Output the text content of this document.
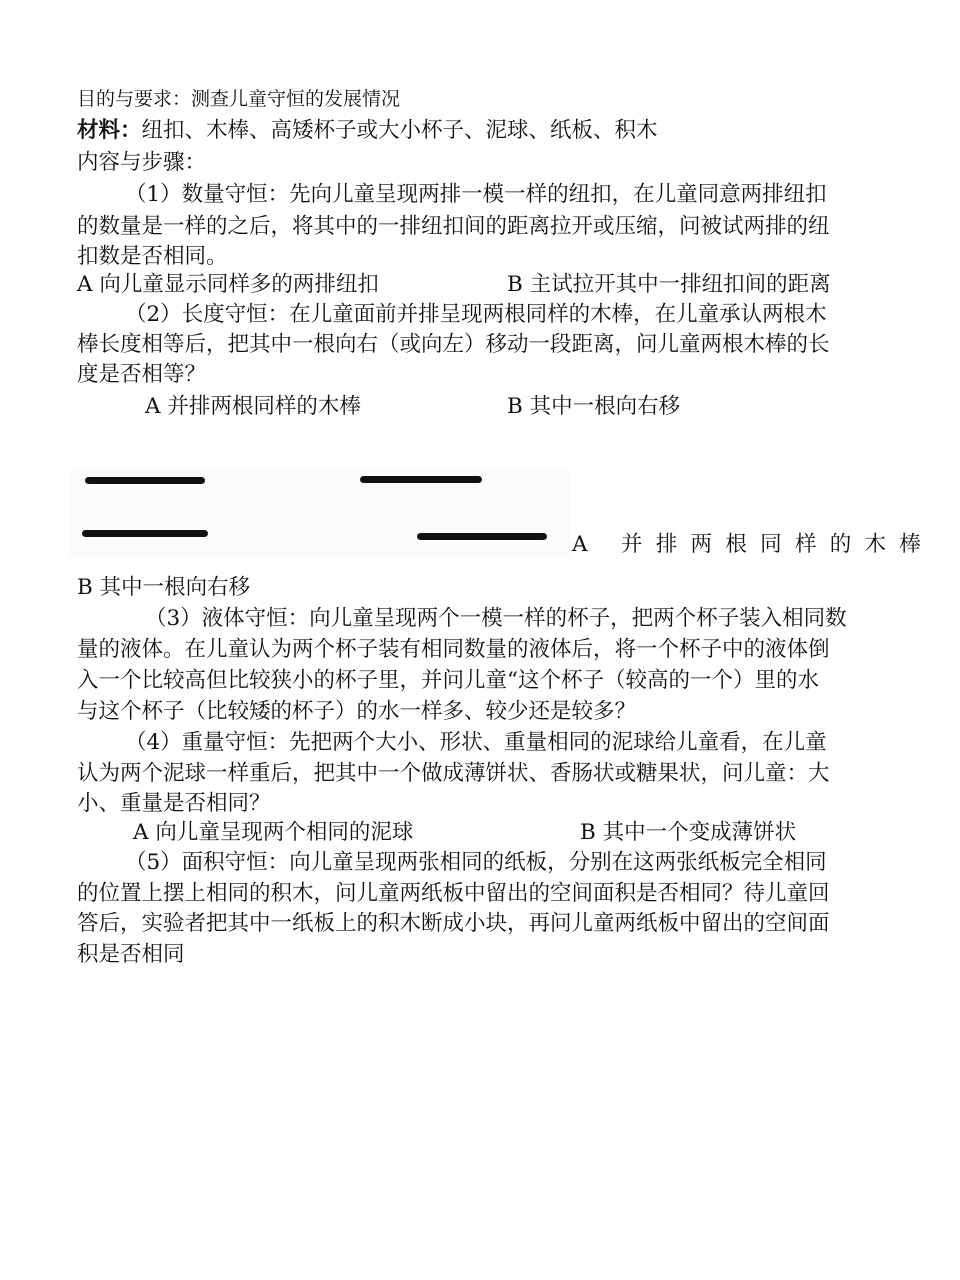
目的与要求：测查儿童守恒的发展情况
材料：纽扣、木棒、高矮杯子或大小杯子、泥球、纸板、积木
内容与步骤：
（1）数量守恒：先向儿童呈现两排一模一样的纽扣，在儿童同意两排纽扣
的数量是一样的之后，将其中的一排纽扣间的距离拉开或压缩，问被试两排的纽
扣数是否相同。
A 向儿童显示同样多的两排纽扣	B 主试拉开其中一排纽扣间的距离
（2）长度守恒：在儿童面前并排呈现两根同样的木棒，在儿童承认两根木
棒长度相等后，把其中一根向右（或向左）移动一段距离，问儿童两根木棒的长
度是否相等？
A 并排两根同样的木棒	B 其中一根向右移
A 并排两根同样的木棒
B 其中一根向右移
（3）液体守恒：向儿童呈现两个一模一样的杯子，把两个杯子装入相同数
量的液体。在儿童认为两个杯子装有相同数量的液体后，将一个杯子中的液体倒
入一个比较高但比较狭小的杯子里，并问儿童“这个杯子（较高的一个）里的水
与这个杯子（比较矮的杯子）的水一样多、较少还是较多？
（4）重量守恒：先把两个大小、形状、重量相同的泥球给儿童看，在儿童
认为两个泥球一样重后，把其中一个做成薄饼状、香肠状或糖果状，问儿童：大
小、重量是否相同？
A 向儿童呈现两个相同的泥球	B 其中一个变成薄饼状
（5）面积守恒：向儿童呈现两张相同的纸板，分别在这两张纸板完全相同
的位置上摆上相同的积木，问儿童两纸板中留出的空间面积是否相同？待儿童回
答后，实验者把其中一纸板上的积木断成小块，再问儿童两纸板中留出的空间面
积是否相同
